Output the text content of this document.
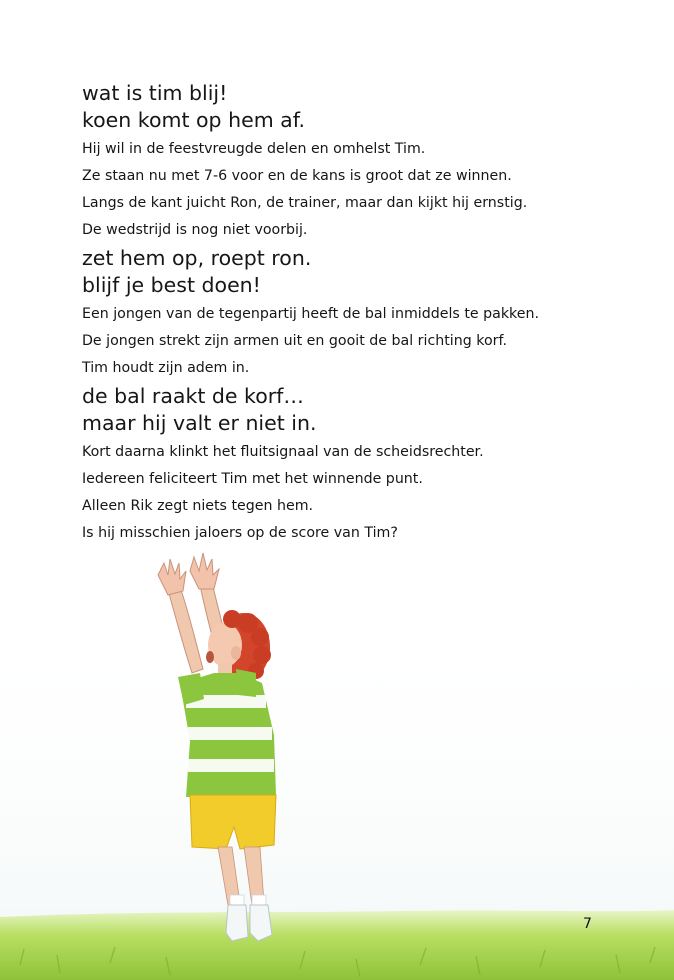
wat is tim blij!
koen komt op hem af.
Hij wil in de feestvreugde delen en omhelst Tim.
Ze staan nu met 7-6 voor en de kans is groot dat ze winnen.
Langs de kant juicht Ron, de trainer, maar dan kijkt hij ernstig.
De wedstrijd is nog niet voorbij.
zet hem op, roept ron.
blijf je best doen!
Een jongen van de tegenpartij heeft de bal inmiddels te pakken.
De jongen strekt zijn armen uit en gooit de bal richting korf.
Tim houdt zijn adem in.
de bal raakt de korf…
maar hij valt er niet in.
Kort daarna klinkt het fluitsignaal van de scheidsrechter.
Iedereen feliciteert Tim met het winnende punt.
Alleen Rik zegt niets tegen hem.
Is hij misschien jaloers op de score van Tim?
7
